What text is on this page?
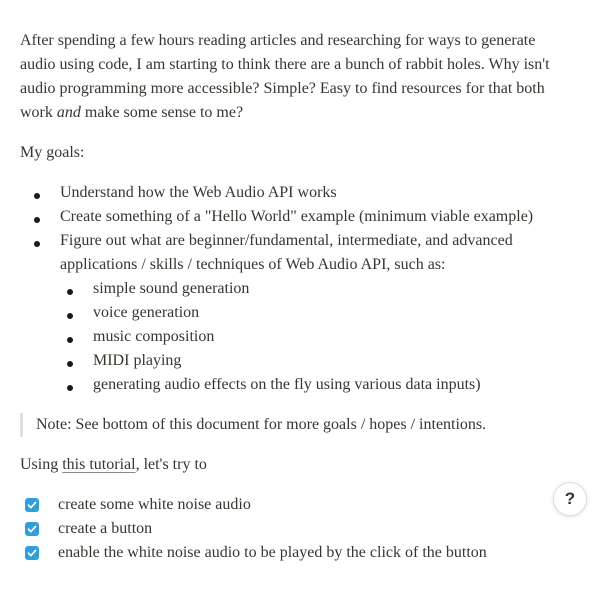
After spending a few hours reading articles and researching for ways to generate audio using code, I am starting to think there are a bunch of rabbit holes. Why isn't audio programming more accessible? Simple? Easy to find resources for that both work and make some sense to me?

My goals:

Understand how the Web Audio API works
Create something of a "Hello World" example (minimum viable example)
Figure out what are beginner/fundamental, intermediate, and advanced applications / skills / techniques of Web Audio API, such as:
simple sound generation
voice generation
music composition
MIDI playing
generating audio effects on the fly using various data inputs)

Note: See bottom of this document for more goals / hopes / intentions.

Using this tutorial, let's try to

create some white noise audio
create a button
enable the white noise audio to be played by the click of the button
?
